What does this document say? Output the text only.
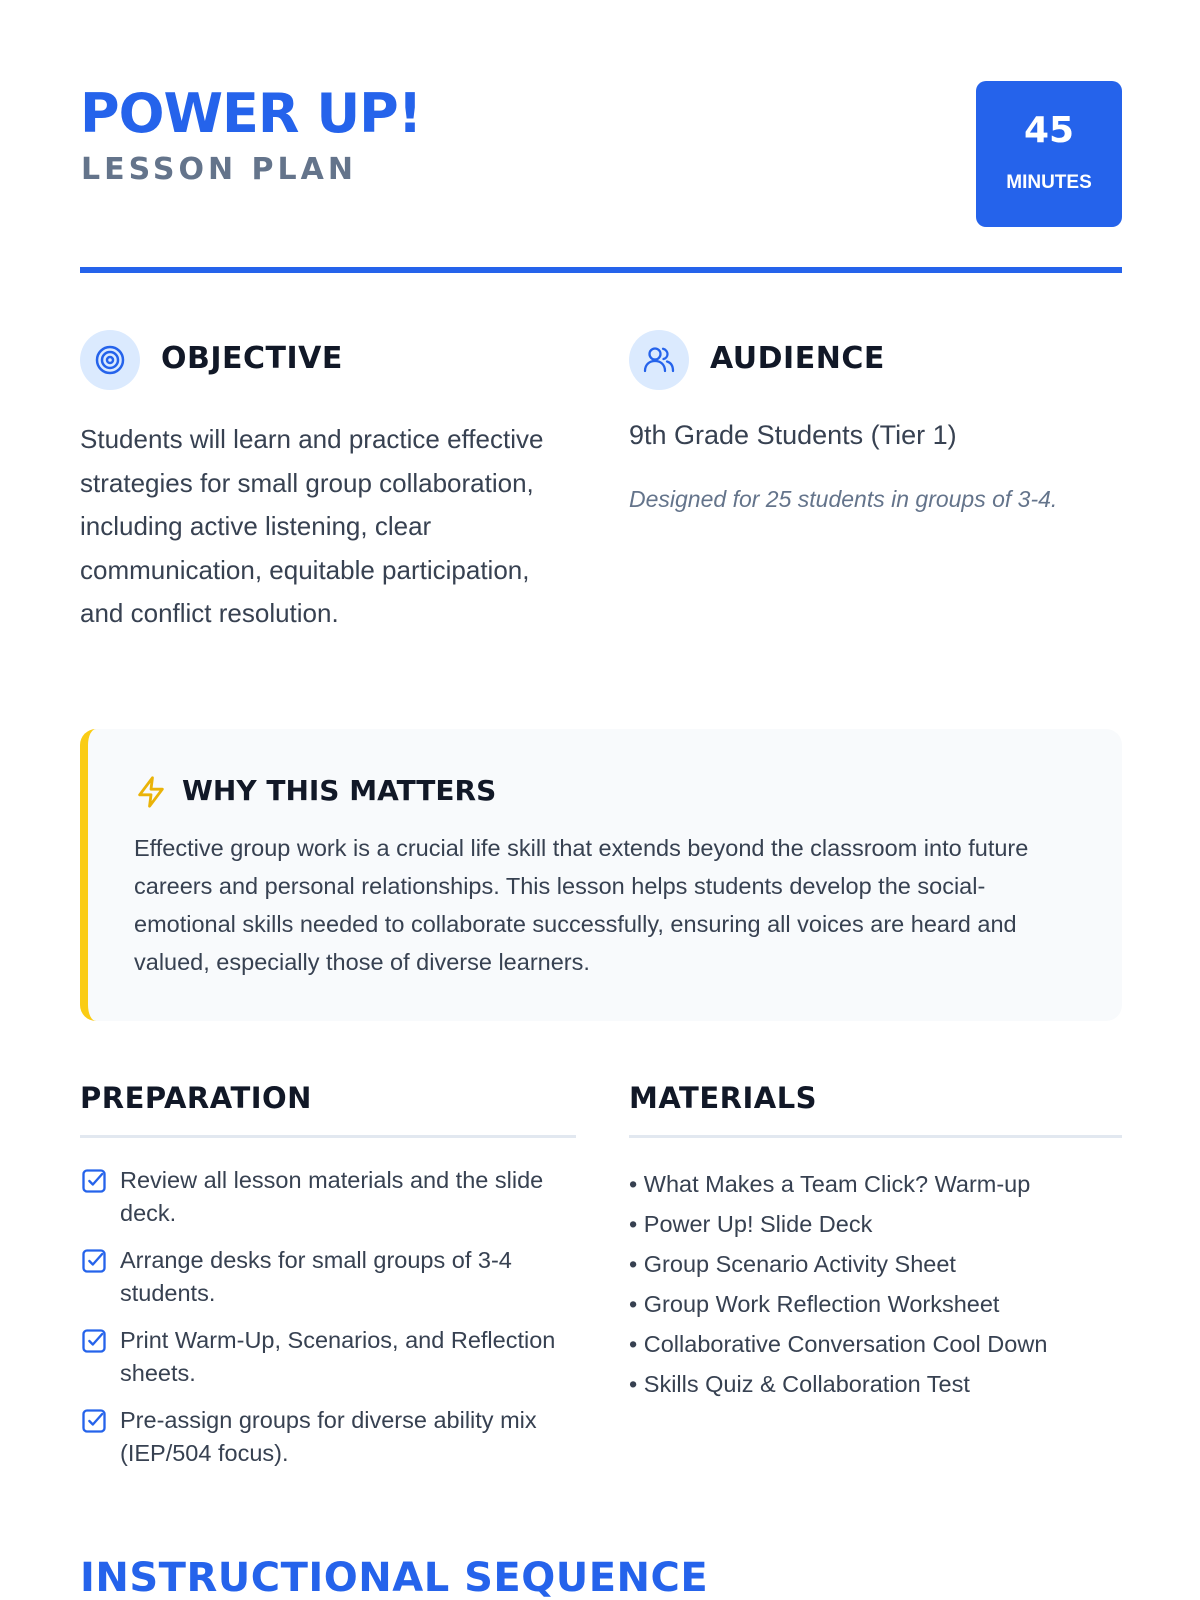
POWER UP!
LESSON PLAN
45
MINUTES
OBJECTIVE

Students will learn and practice effective strategies for small group collaboration, including active listening, clear communication, equitable participation, and conflict resolution.

AUDIENCE

9th Grade Students (Tier 1)

Designed for 25 students in groups of 3-4.

WHY THIS MATTERS

Effective group work is a crucial life skill that extends beyond the classroom into future careers and personal relationships. This lesson helps students develop the social-emotional skills needed to collaborate successfully, ensuring all voices are heard and valued, especially those of diverse learners.

PREPARATION
Review all lesson materials and the slide deck.
Arrange desks for small groups of 3-4 students.
Print Warm-Up, Scenarios, and Reflection sheets.
Pre-assign groups for diverse ability mix (IEP/504 focus).
MATERIALS
• What Makes a Team Click? Warm-up
• Power Up! Slide Deck
• Group Scenario Activity Sheet
• Group Work Reflection Worksheet
• Collaborative Conversation Cool Down
• Skills Quiz & Collaboration Test
INSTRUCTIONAL SEQUENCE
